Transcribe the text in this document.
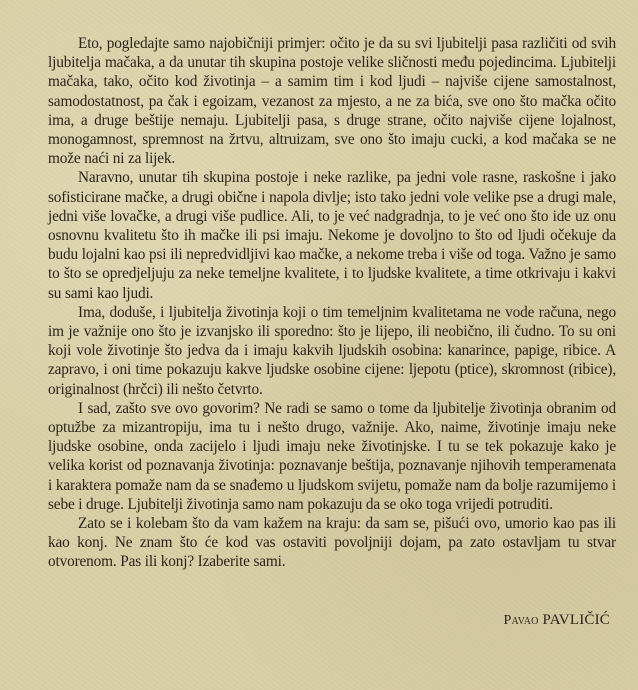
Eto, pogledajte samo najobičniji primjer: očito je da su svi ljubitelji pasa različiti od svih ljubitelja mačaka, a da unutar tih skupina postoje velike sličnosti među pojedincima. Ljubitelji mačaka, tako, očito kod životinja – a samim tim i kod ljudi – najviše cijene samostalnost, samodostatnost, pa čak i egoizam, vezanost za mjesto, a ne za bića, sve ono što mačka očito ima, a druge beštije nemaju. Ljubitelji pasa, s druge strane, očito najviše cijene lojalnost, monogamnost, spremnost na žrtvu, altruizam, sve ono što imaju cucki, a kod mačaka se ne može naći ni za lijek.

Naravno, unutar tih skupina postoje i neke razlike, pa jedni vole rasne, raskošne i jako sofisticirane mačke, a drugi obične i napola divlje; isto tako jedni vole velike pse a drugi male, jedni više lovačke, a drugi više pudlice. Ali, to je već nadgradnja, to je već ono što ide uz onu osnovnu kvalitetu što ih mačke ili psi imaju. Nekome je dovoljno to što od ljudi očekuje da budu lojalni kao psi ili nepredvidljivi kao mačke, a nekome treba i više od toga. Važno je samo to što se opredjeljuju za neke temeljne kvalitete, i to ljudske kvalitete, a time otkrivaju i kakvi su sami kao ljudi.

Ima, doduše, i ljubitelja životinja koji o tim temeljnim kvalitetama ne vode računa, nego im je važnije ono što je izvanjsko ili sporedno: što je lijepo, ili neobično, ili čudno. To su oni koji vole životinje što jedva da i imaju kakvih ljudskih osobina: kanarince, papige, ribice. A zapravo, i oni time pokazuju kakve ljudske osobine cijene: ljepotu (ptice), skromnost (ribice), originalnost (hrčci) ili nešto četvrto.

I sad, zašto sve ovo govorim? Ne radi se samo o tome da ljubitelje životinja obranim od optužbe za mizantropiju, ima tu i nešto drugo, važnije. Ako, naime, životinje imaju neke ljudske osobine, onda zacijelo i ljudi imaju neke životinjske. I tu se tek pokazuje kako je velika korist od poznavanja životinja: poznavanje beštija, poznavanje njihovih temperamenata i karaktera pomaže nam da se snađemo u ljudskom svijetu, pomaže nam da bolje razumijemo i sebe i druge. Ljubitelji životinja samo nam pokazuju da se oko toga vrijedi potruditi.

Zato se i kolebam što da vam kažem na kraju: da sam se, pišući ovo, umorio kao pas ili kao konj. Ne znam što će kod vas ostaviti povoljniji dojam, pa zato ostavljam tu stvar otvorenom. Pas ili konj? Izaberite sami.

Pavao PAVLIČIĆ
